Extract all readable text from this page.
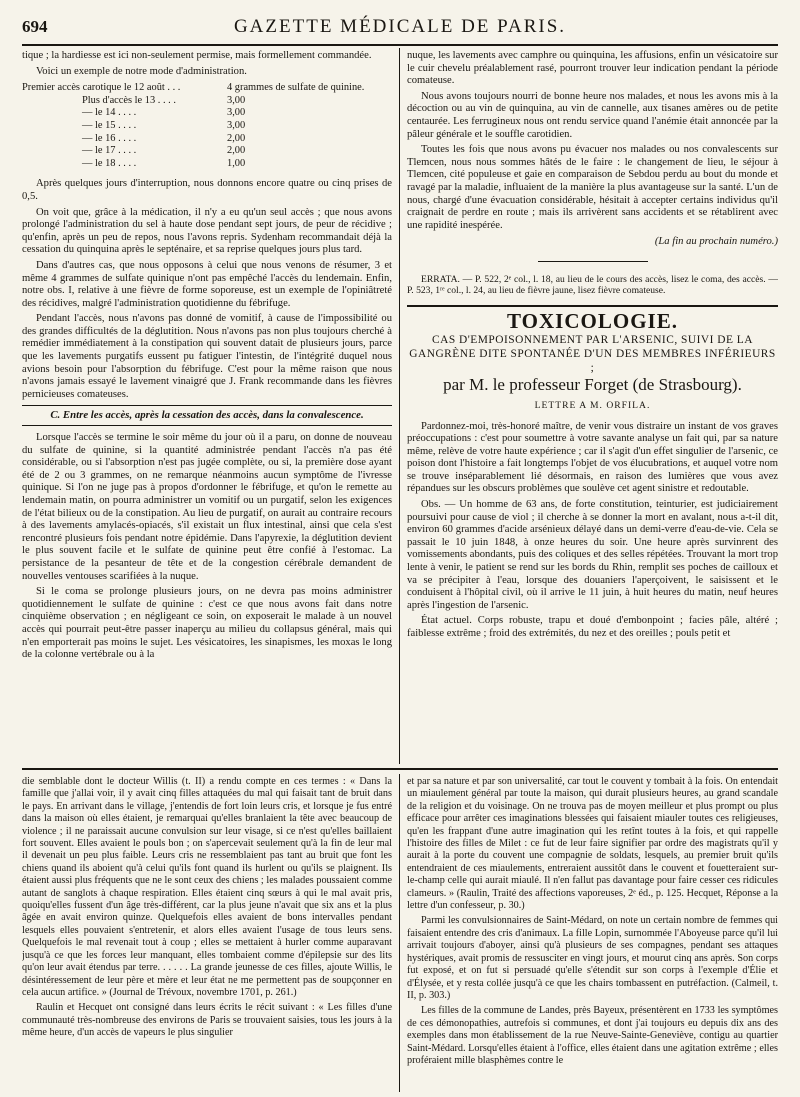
694	GAZETTE MÉDICALE DE PARIS.

tique ; la hardiesse est ici non-seulement permise, mais formellement commandée.

Voici un exemple de notre mode d'administration.

Premier accès carotique le 12 août . . .	4 grammes de sulfate de quinine.
Plus d'accès le 13 . . . .	3,00
— le 14 . . . .	3,00
— le 15 . . . .	3,00
— le 16 . . . .	2,00
— le 17 . . . .	2,00
— le 18 . . . .	1,00

Après quelques jours d'interruption, nous donnons encore quatre ou cinq prises de 0,5.

On voit que, grâce à la médication, il n'y a eu qu'un seul accès ; que nous avons prolongé l'administration du sel à haute dose pendant sept jours, de peur de récidive ; qu'enfin, après un peu de repos, nous l'avons repris. Sydenham recommandait déjà la cessation du quinquina après le septénaire, et sa reprise quelques jours plus tard.

Dans d'autres cas, que nous opposons à celui que nous venons de résumer, 3 et même 4 grammes de sulfate quinique n'ont pas empêché l'accès du lendemain. Enfin, notre obs. I, relative à une fièvre de forme soporeuse, est un exemple de l'opiniâtreté des récidives, malgré l'administration quotidienne du fébrifuge.

Pendant l'accès, nous n'avons pas donné de vomitif, à cause de l'impossibilité ou des grandes difficultés de la déglutition. Nous n'avons pas non plus toujours cherché à remédier immédiatement à la constipation qui souvent datait de plusieurs jours, parce que les lavements purgatifs eussent pu fatiguer l'intestin, de l'intégrité duquel nous avions besoin pour l'absorption du fébrifuge. C'est pour la même raison que nous n'avons jamais essayé le lavement vinaigré que J. Frank recommande dans les fièvres pernicieuses comateuses.

C. Entre les accès, après la cessation des accès, dans la convalescence.

Lorsque l'accès se termine le soir même du jour où il a paru, on donne de nouveau du sulfate de quinine, si la quantité administrée pendant l'accès n'a pas été considérable, ou si l'absorption n'est pas jugée complète, ou si, la première dose ayant été de 2 ou 3 grammes, on ne remarque néanmoins aucun symptôme de l'ivresse quinique. Si l'on ne juge pas à propos d'ordonner le fébrifuge, et qu'on le remette au lendemain matin, on pourra administrer un vomitif ou un purgatif, selon les exigences de l'état bilieux ou de la constipation. Au lieu de purgatif, on aurait au contraire recours à des lavements amylacés-opiacés, s'il existait un flux intestinal, ainsi que cela s'est rencontré plusieurs fois pendant notre épidémie. Dans l'apyrexie, la déglutition devient le plus souvent facile et le sulfate de quinine peut être confié à l'estomac. La persistance de la pesanteur de tête et de la congestion cérébrale demandent de nouvelles ventouses scarifiées à la nuque.

Si le coma se prolonge plusieurs jours, on ne devra pas moins administrer quotidiennement le sulfate de quinine : c'est ce que nous avons fait dans notre cinquième observation ; en négligeant ce soin, on exposerait le malade à un nouvel accès qui pourrait peut-être passer inaperçu au milieu du collapsus général, mais qui n'en emporterait pas moins le sujet. Les vésicatoires, les sinapismes, les moxas le long de la colonne vertébrale ou à la

nuque, les lavements avec camphre ou quinquina, les affusions, enfin un vésicatoire sur le cuir chevelu préalablement rasé, pourront trouver leur indication pendant la période comateuse.

Nous avons toujours nourri de bonne heure nos malades, et nous les avons mis à la décoction ou au vin de quinquina, au vin de cannelle, aux tisanes amères ou de petite centaurée. Les ferrugineux nous ont rendu service quand l'anémie était annoncée par la pâleur générale et le souffle carotidien.

Toutes les fois que nous avons pu évacuer nos malades ou nos convalescents sur Tlemcen, nous nous sommes hâtés de le faire : le changement de lieu, le séjour à Tlemcen, cité populeuse et gaie en comparaison de Sebdou perdu au bout du monde et ravagé par la maladie, influaient de la manière la plus avantageuse sur la santé. L'un de nous, chargé d'une évacuation considérable, hésitait à accepter certains individus qu'il craignait de perdre en route ; mais ils arrivèrent sans accidents et se rétablirent avec une rapidité inespérée.

(La fin au prochain numéro.)

ERRATA. — P. 522, 2ᵉ col., l. 18, au lieu de le cours des accès, lisez le coma, des accès. — P. 523, 1ʳᵉ col., l. 24, au lieu de fièvre jaune, lisez fièvre comateuse.

TOXICOLOGIE.
CAS D'EMPOISONNEMENT PAR L'ARSENIC, SUIVI DE LA GANGRÈNE DITE SPONTANÉE D'UN DES MEMBRES INFÉRIEURS ;
par M. le professeur Forget (de Strasbourg).
LETTRE A M. ORFILA.

Pardonnez-moi, très-honoré maître, de venir vous distraire un instant de vos graves préoccupations : c'est pour soumettre à votre savante analyse un fait qui, par sa nature même, relève de votre haute expérience ; car il s'agit d'un effet singulier de l'arsenic, ce poison dont l'histoire a fait longtemps l'objet de vos élucubrations, et auquel votre nom se trouve inséparablement lié désormais, en raison des lumières que vous avez répandues sur les obscurs problèmes que soulève cet agent sinistre et redoutable.

Obs. — Un homme de 63 ans, de forte constitution, teinturier, est judiciairement poursuivi pour cause de viol ; il cherche à se donner la mort en avalant, nous a-t-il dit, environ 60 grammes d'acide arsénieux délayé dans un demi-verre d'eau-de-vie. Cela se passait le 10 juin 1848, à onze heures du soir. Une heure après survinrent des vomissements abondants, puis des coliques et des selles répétées. Trouvant la mort trop lente à venir, le patient se rend sur les bords du Rhin, remplit ses poches de cailloux et va se précipiter à l'eau, lorsque des douaniers l'aperçoivent, le saisissent et le conduisent à l'hôpital civil, où il arrive le 11 juin, à huit heures du matin, neuf heures après l'ingestion de l'arsenic.

État actuel. Corps robuste, trapu et doué d'embonpoint ; facies pâle, altéré ; faiblesse extrême ; froid des extrémités, du nez et des oreilles ; pouls petit et

die semblable dont le docteur Willis (t. II) a rendu compte en ces termes : « Dans la famille que j'allai voir, il y avait cinq filles attaquées du mal qui faisait tant de bruit dans le pays. En arrivant dans le village, j'entendis de fort loin leurs cris, et lorsque je fus entré dans la maison où elles étaient, je remarquai qu'elles branlaient la tête avec beaucoup de violence ; il ne paraissait aucune convulsion sur leur visage, si ce n'est qu'elles baillaient fort souvent. Elles avaient le pouls bon ; on s'apercevait seulement qu'à la fin de leur mal il devenait un peu plus faible. Leurs cris ne ressemblaient pas tant au bruit que font les chiens quand ils aboient qu'à celui qu'ils font quand ils hurlent ou qu'ils se plaignent. Ils étaient aussi plus fréquents que ne le sont ceux des chiens ; les malades poussaient comme autant de sanglots à chaque respiration. Elles étaient cinq sœurs à qui le mal avait pris, quoiqu'elles fussent d'un âge très-différent, car la plus jeune n'avait que six ans et la plus âgée en avait environ quinze. Quelquefois elles avaient de bons intervalles pendant lesquels elles pouvaient s'entretenir, et alors elles avaient l'usage de tous leurs sens. Quelquefois le mal revenait tout à coup ; elles se mettaient à hurler comme auparavant jusqu'à ce que les forces leur manquant, elles tombaient comme d'épilepsie sur des lits qu'on leur avait étendus par terre. . . . . . La grande jeunesse de ces filles, ajoute Willis, le désintéressement de leur père et mère et leur état ne me permettent pas de soupçonner en cela aucun artifice. » (Journal de Trévoux, novembre 1701, p. 261.)

Raulin et Hecquet ont consigné dans leurs écrits le récit suivant : « Les filles d'une communauté très-nombreuse des environs de Paris se trouvaient saisies, tous les jours à la même heure, d'un accès de vapeurs le plus singulier

et par sa nature et par son universalité, car tout le couvent y tombait à la fois. On entendait un miaulement général par toute la maison, qui durait plusieurs heures, au grand scandale de la religion et du voisinage. On ne trouva pas de moyen meilleur et plus prompt ou plus efficace pour arrêter ces imaginations blessées qui faisaient miauler toutes ces religieuses, qu'en les frappant d'une autre imagination qui les retînt toutes à la fois, et qui rappelle l'histoire des filles de Milet : ce fut de leur faire signifier par ordre des magistrats qu'il y aurait à la porte du couvent une compagnie de soldats, lesquels, au premier bruit qu'ils entendraient de ces miaulements, entreraient aussitôt dans le couvent et fouetteraient sur-le-champ celle qui aurait miaulé. Il n'en fallut pas davantage pour faire cesser ces ridicules clameurs. » (Raulin, Traité des affections vaporeuses, 2ᵉ éd., p. 125. Hecquet, Réponse a la lettre d'un confesseur, p. 30.)

Parmi les convulsionnaires de Saint-Médard, on note un certain nombre de femmes qui faisaient entendre des cris d'animaux. La fille Lopin, surnommée l'Aboyeuse parce qu'il lui arrivait toujours d'aboyer, ainsi qu'à plusieurs de ses compagnes, pendant ses attaques hystériques, avait promis de ressusciter en vingt jours, et mourut cinq ans après. Son corps fut exposé, et on fut si persuadé qu'elle s'étendit sur son corps à l'exemple d'Élie et d'Élysée, et y resta collée jusqu'à ce que les chairs tombassent en putréfaction. (Calmeil, t. II, p. 303.)

Les filles de la commune de Landes, près Bayeux, présentèrent en 1733 les symptômes de ces démonopathies, autrefois si communes, et dont j'ai toujours eu depuis dix ans des exemples dans mon établissement de la rue Neuve-Sainte-Geneviève, contigu au quartier Saint-Médard. Lorsqu'elles étaient à l'office, elles étaient dans une agitation extrême ; elles proféraient mille blasphèmes contre le
